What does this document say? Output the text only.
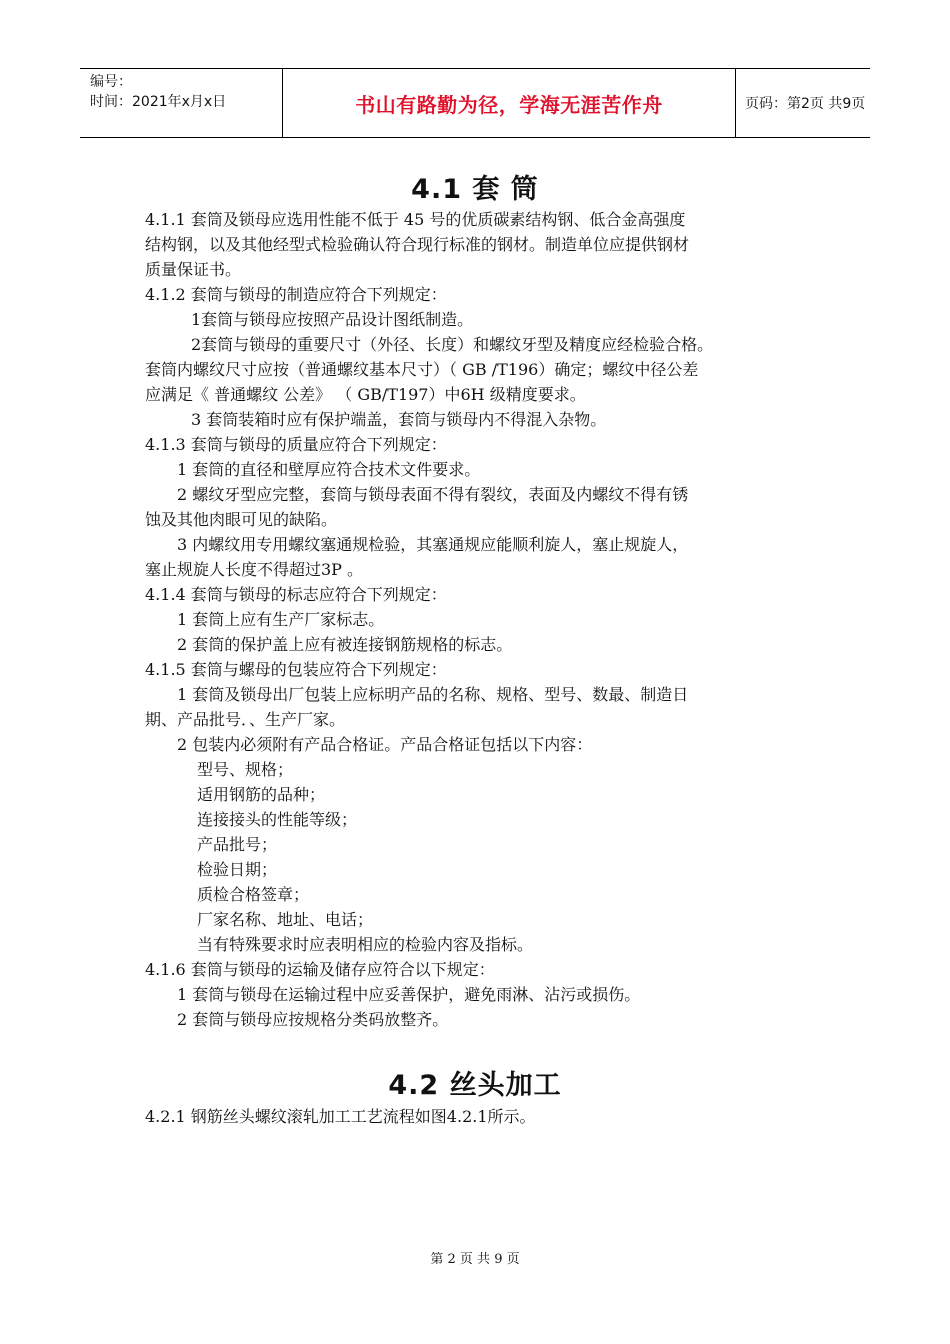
编号：
时间：2021年x月x日	书山有路勤为径，学海无涯苦作舟	页码：第2页 共9页
4.1 套 筒
4.1.1 套筒及锁母应选用性能不低于 45 号的优质碳素结构钢、低合金高强度
结构钢，以及其他经型式检验确认符合现行标准的钢材。制造单位应提供钢材
质量保证书。
4.1.2 套筒与锁母的制造应符合下列规定：
1套筒与锁母应按照产品设计图纸制造。
2套筒与锁母的重要尺寸（外径、长度）和螺纹牙型及精度应经检验合格。
套筒内螺纹尺寸应按（普通螺纹基本尺寸）（ GB /T196）确定；螺纹中径公差
应满足《 普通螺纹 公差》 （ GB/T197）中6H 级精度要求。
3 套筒装箱时应有保护端盖，套筒与锁母内不得混入杂物。
4.1.3 套筒与锁母的质量应符合下列规定：
1 套筒的直径和壁厚应符合技术文件要求。
2 螺纹牙型应完整，套筒与锁母表面不得有裂纹，表面及内螺纹不得有锈
蚀及其他肉眼可见的缺陷。
3 内螺纹用专用螺纹塞通规检验，其塞通规应能顺利旋人，塞止规旋人，
塞止规旋人长度不得超过3P 。
4.1.4 套筒与锁母的标志应符合下列规定：
1 套筒上应有生产厂家标志。
2 套筒的保护盖上应有被连接钢筋规格的标志。
4.1.5 套筒与螺母的包装应符合下列规定：
1 套筒及锁母出厂包装上应标明产品的名称、规格、型号、数最、制造日
期、产品批号．、生产厂家。
2 包装内必须附有产品合格证。产品合格证包括以下内容：
型号、规格；
适用钢筋的品种；
连接接头的性能等级；
产品批号；
检验日期；
质检合格签章；
厂家名称、地址、电话；
当有特殊要求时应表明相应的检验内容及指标。
4.1.6 套筒与锁母的运输及储存应符合以下规定：
1 套筒与锁母在运输过程中应妥善保护，避免雨淋、沾污或损伤。
2 套筒与锁母应按规格分类码放整齐。
4.2 丝头加工
4.2.1 钢筋丝头螺纹滚轧加工工艺流程如图4.2.1所示。
第 2 页 共 9 页
